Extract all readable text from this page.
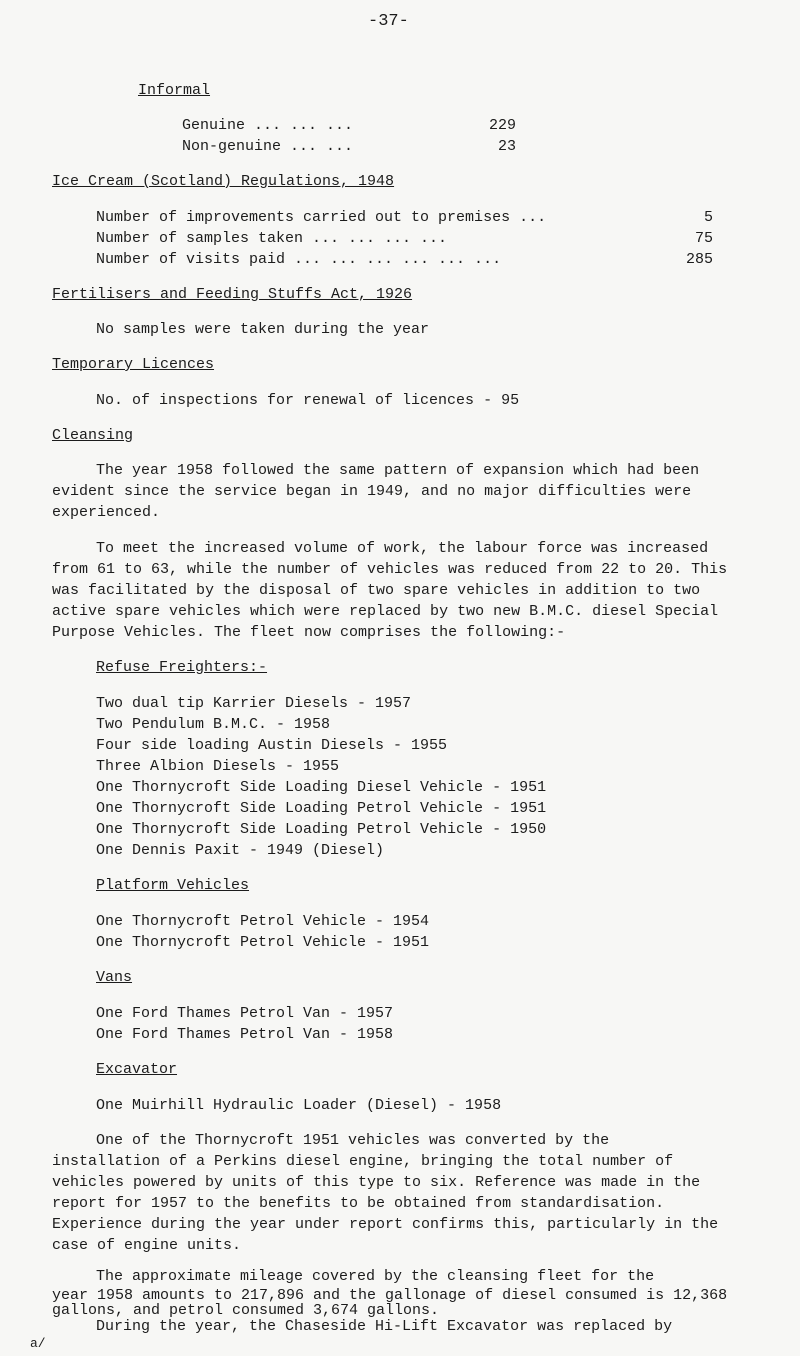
-37-
Informal
Genuine ... ... ...	229
Non-genuine ... ...	23
Ice Cream (Scotland) Regulations, 1948
Number of improvements carried out to premises ...	5
Number of samples taken ... ... ... ...	75
Number of visits paid ... ... ... ... ... ...	285
Fertilisers and Feeding Stuffs Act, 1926
No samples were taken during the year
Temporary Licences
No. of inspections for renewal of licences - 95
Cleansing
The year 1958 followed the same pattern of expansion which had been
evident since the service began in 1949, and no major difficulties were
experienced.
To meet the increased volume of work, the labour force was increased
from 61 to 63, while the number of vehicles was reduced from 22 to 20. This
was facilitated by the disposal of two spare vehicles in addition to two
active spare vehicles which were replaced by two new B.M.C. diesel Special
Purpose Vehicles. The fleet now comprises the following:-
Refuse Freighters:-
Two dual tip Karrier Diesels - 1957
Two Pendulum B.M.C. - 1958
Four side loading Austin Diesels - 1955
Three Albion Diesels - 1955
One Thornycroft Side Loading Diesel Vehicle - 1951
One Thornycroft Side Loading Petrol Vehicle - 1951
One Thornycroft Side Loading Petrol Vehicle - 1950
One Dennis Paxit - 1949 (Diesel)
Platform Vehicles
One Thornycroft Petrol Vehicle - 1954
One Thornycroft Petrol Vehicle - 1951
Vans
One Ford Thames Petrol Van - 1957
One Ford Thames Petrol Van - 1958
Excavator
One Muirhill Hydraulic Loader (Diesel) - 1958
One of the Thornycroft 1951 vehicles was converted by the
installation of a Perkins diesel engine, bringing the total number of
vehicles powered by units of this type to six. Reference was made in the
report for 1957 to the benefits to be obtained from standardisation.
Experience during the year under report confirms this, particularly in the
case of engine units.
The approximate mileage covered by the cleansing fleet for the
year 1958 amounts to 217,896 and the gallonage of diesel consumed is 12,368
gallons, and petrol consumed 3,674 gallons.
During the year, the Chaseside Hi-Lift Excavator was replaced by
a/
